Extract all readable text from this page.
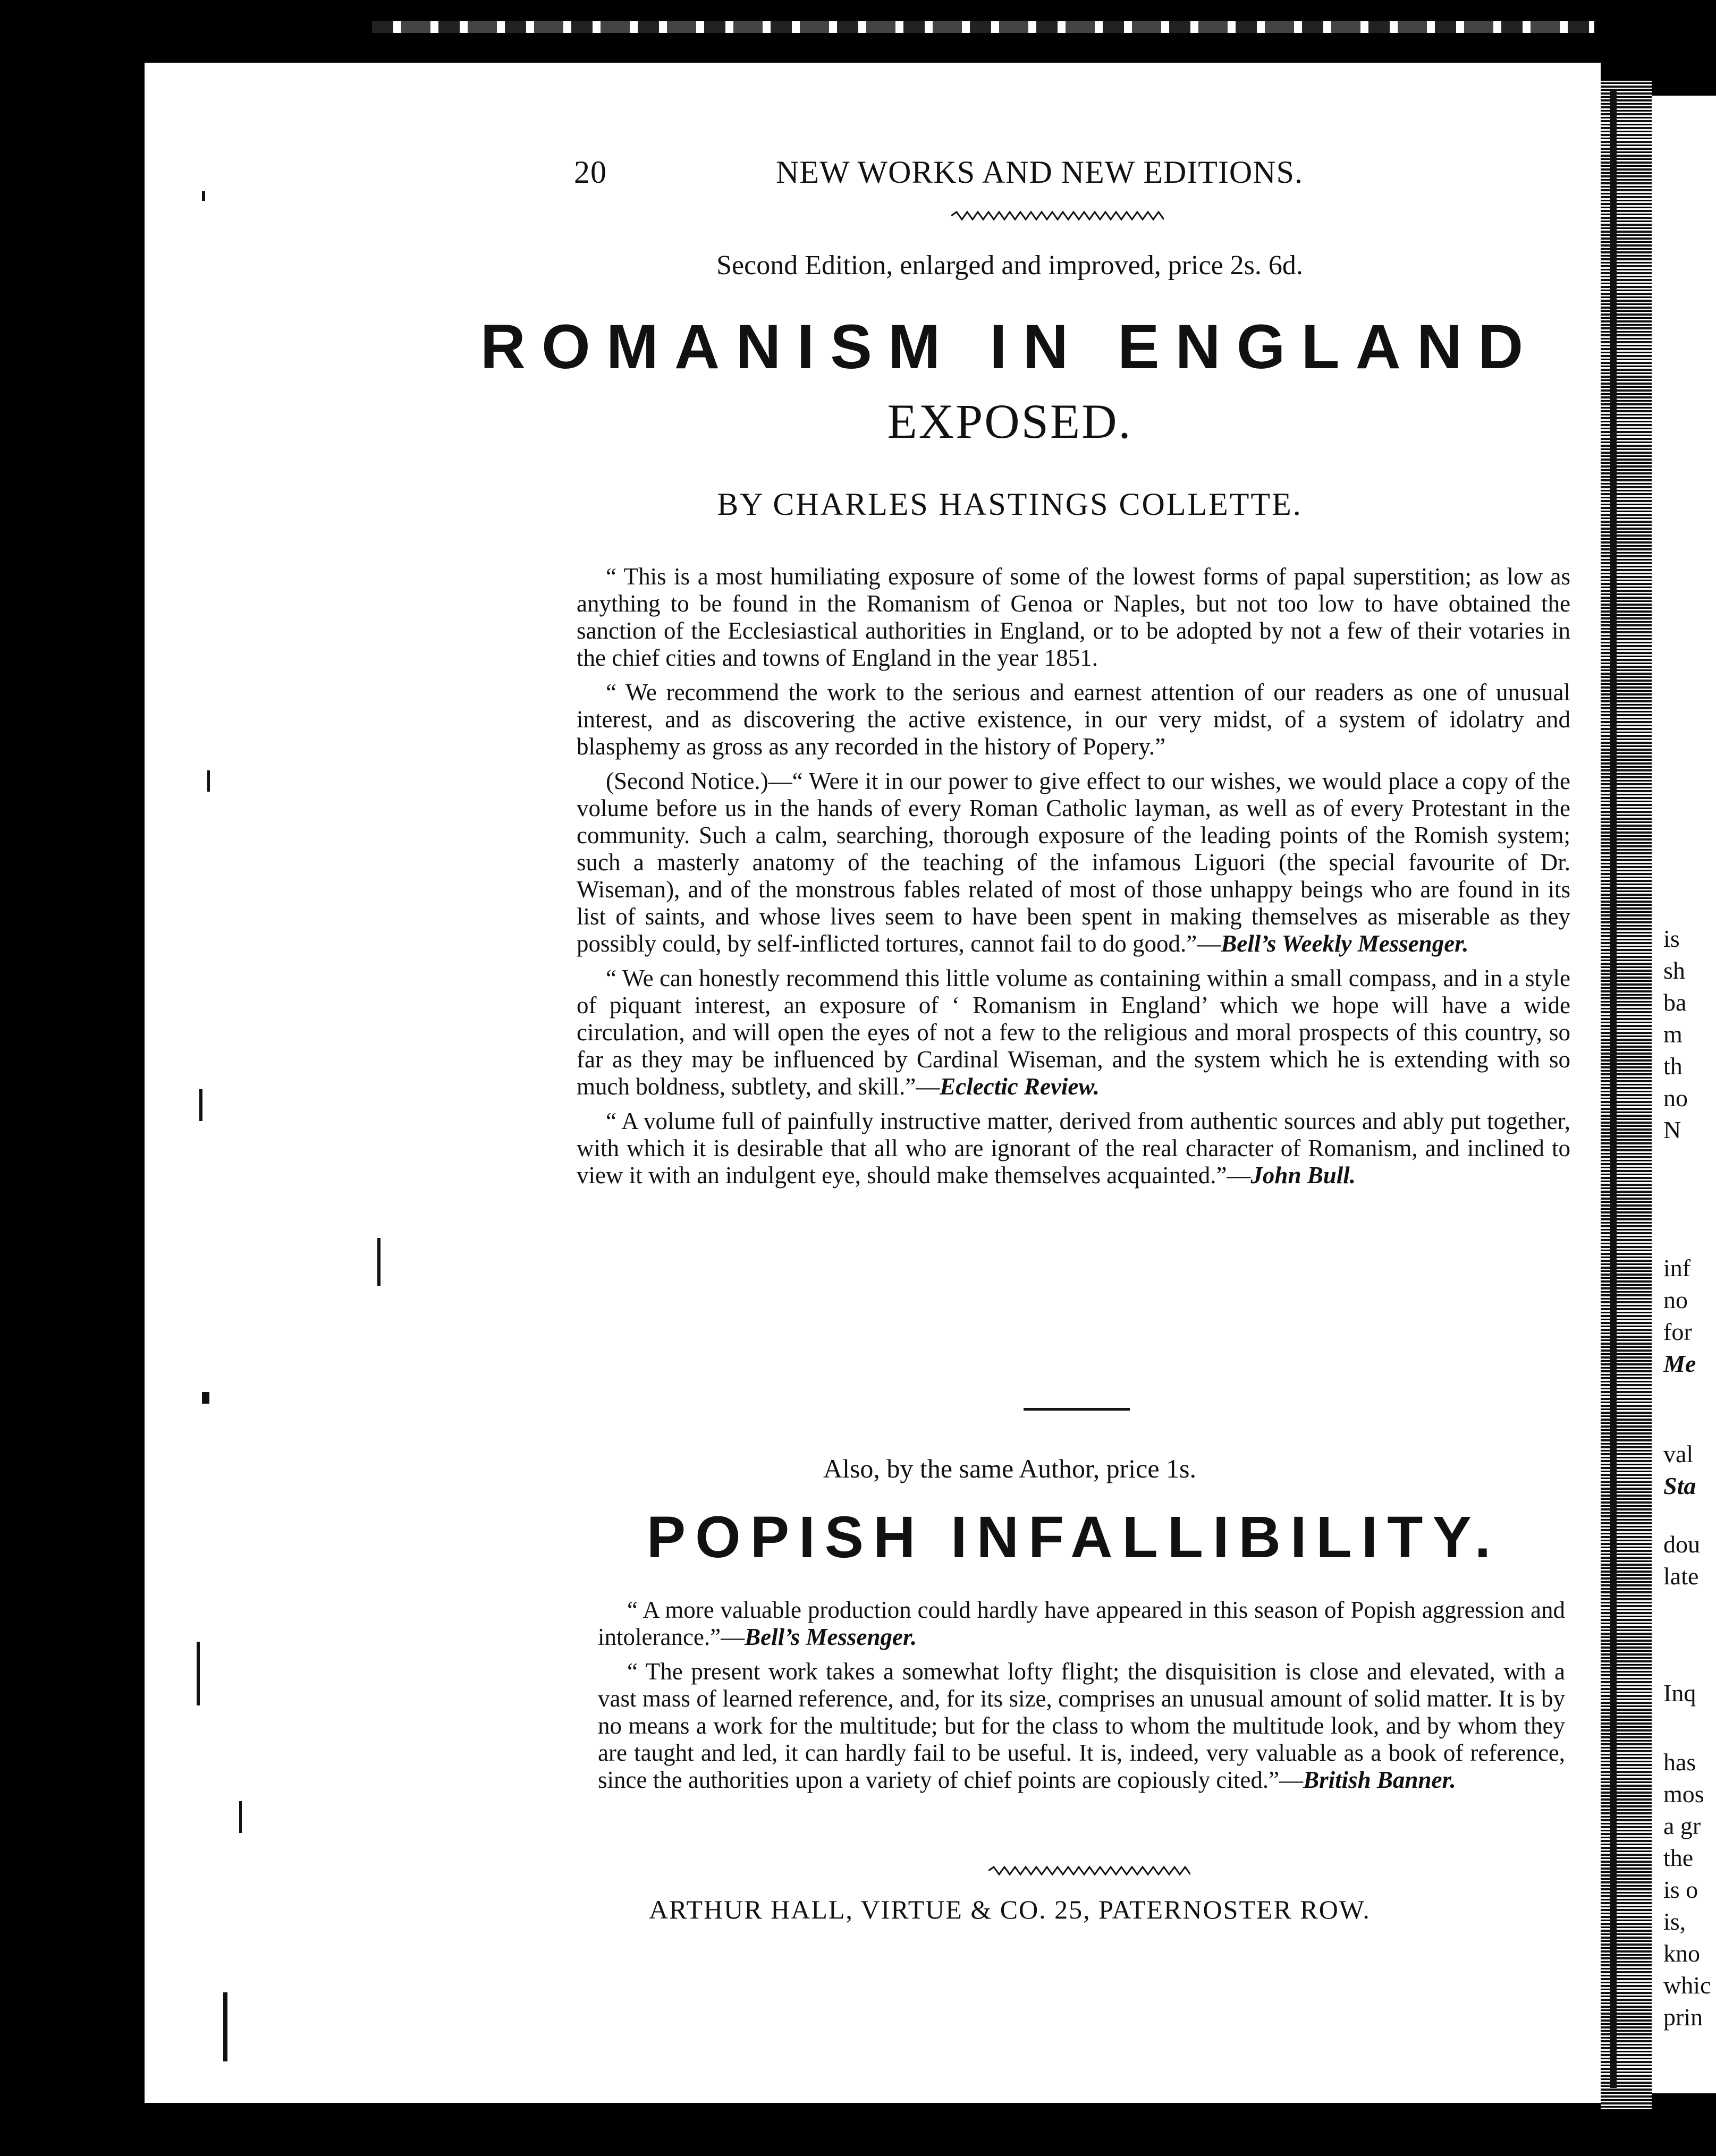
20	NEW WORKS AND NEW EDITIONS.
Second Edition, enlarged and improved, price 2s. 6d.
ROMANISM IN ENGLAND
EXPOSED.
BY CHARLES HASTINGS COLLETTE.

“ This is a most humiliating exposure of some of the lowest forms of papal superstition; as low as anything to be found in the Romanism of Genoa or Naples, but not too low to have obtained the sanction of the Ecclesiastical authorities in England, or to be adopted by not a few of their votaries in the chief cities and towns of England in the year 1851.

“ We recommend the work to the serious and earnest attention of our readers as one of unusual interest, and as discovering the active existence, in our very midst, of a system of idolatry and blasphemy as gross as any recorded in the history of Popery.”

(Second Notice.)—“ Were it in our power to give effect to our wishes, we would place a copy of the volume before us in the hands of every Roman Catholic layman, as well as of every Protestant in the community. Such a calm, searching, thorough exposure of the leading points of the Romish system; such a masterly anatomy of the teaching of the infamous Liguori (the special favourite of Dr. Wiseman), and of the monstrous fables related of most of those unhappy beings who are found in its list of saints, and whose lives seem to have been spent in making themselves as miserable as they possibly could, by self-inflicted tortures, cannot fail to do good.”—Bell’s Weekly Messenger.

“ We can honestly recommend this little volume as containing within a small compass, and in a style of piquant interest, an exposure of ‘ Romanism in England’ which we hope will have a wide circulation, and will open the eyes of not a few to the religious and moral prospects of this country, so far as they may be influenced by Cardinal Wiseman, and the system which he is extending with so much boldness, subtlety, and skill.”—Eclectic Review.

“ A volume full of painfully instructive matter, derived from authentic sources and ably put together, with which it is desirable that all who are ignorant of the real character of Romanism, and inclined to view it with an indulgent eye, should make themselves acquainted.”—John Bull.

Also, by the same Author, price 1s.
POPISH INFALLIBILITY.

“ A more valuable production could hardly have appeared in this season of Popish aggression and intolerance.”—Bell’s Messenger.

“ The present work takes a somewhat lofty flight; the disquisition is close and elevated, with a vast mass of learned reference, and, for its size, comprises an unusual amount of solid matter. It is by no means a work for the multitude; but for the class to whom the multitude look, and by whom they are taught and led, it can hardly fail to be useful. It is, indeed, very valuable as a book of reference, since the authorities upon a variety of chief points are copiously cited.”—British Banner.

ARTHUR HALL, VIRTUE & CO. 25, PATERNOSTER ROW.
is
sh
ba
m
th
no
N
inf
no
for
Me
val
Sta
dou
late
Inq
has
mos
a gr
the
is o
is,
kno
whic
prin
